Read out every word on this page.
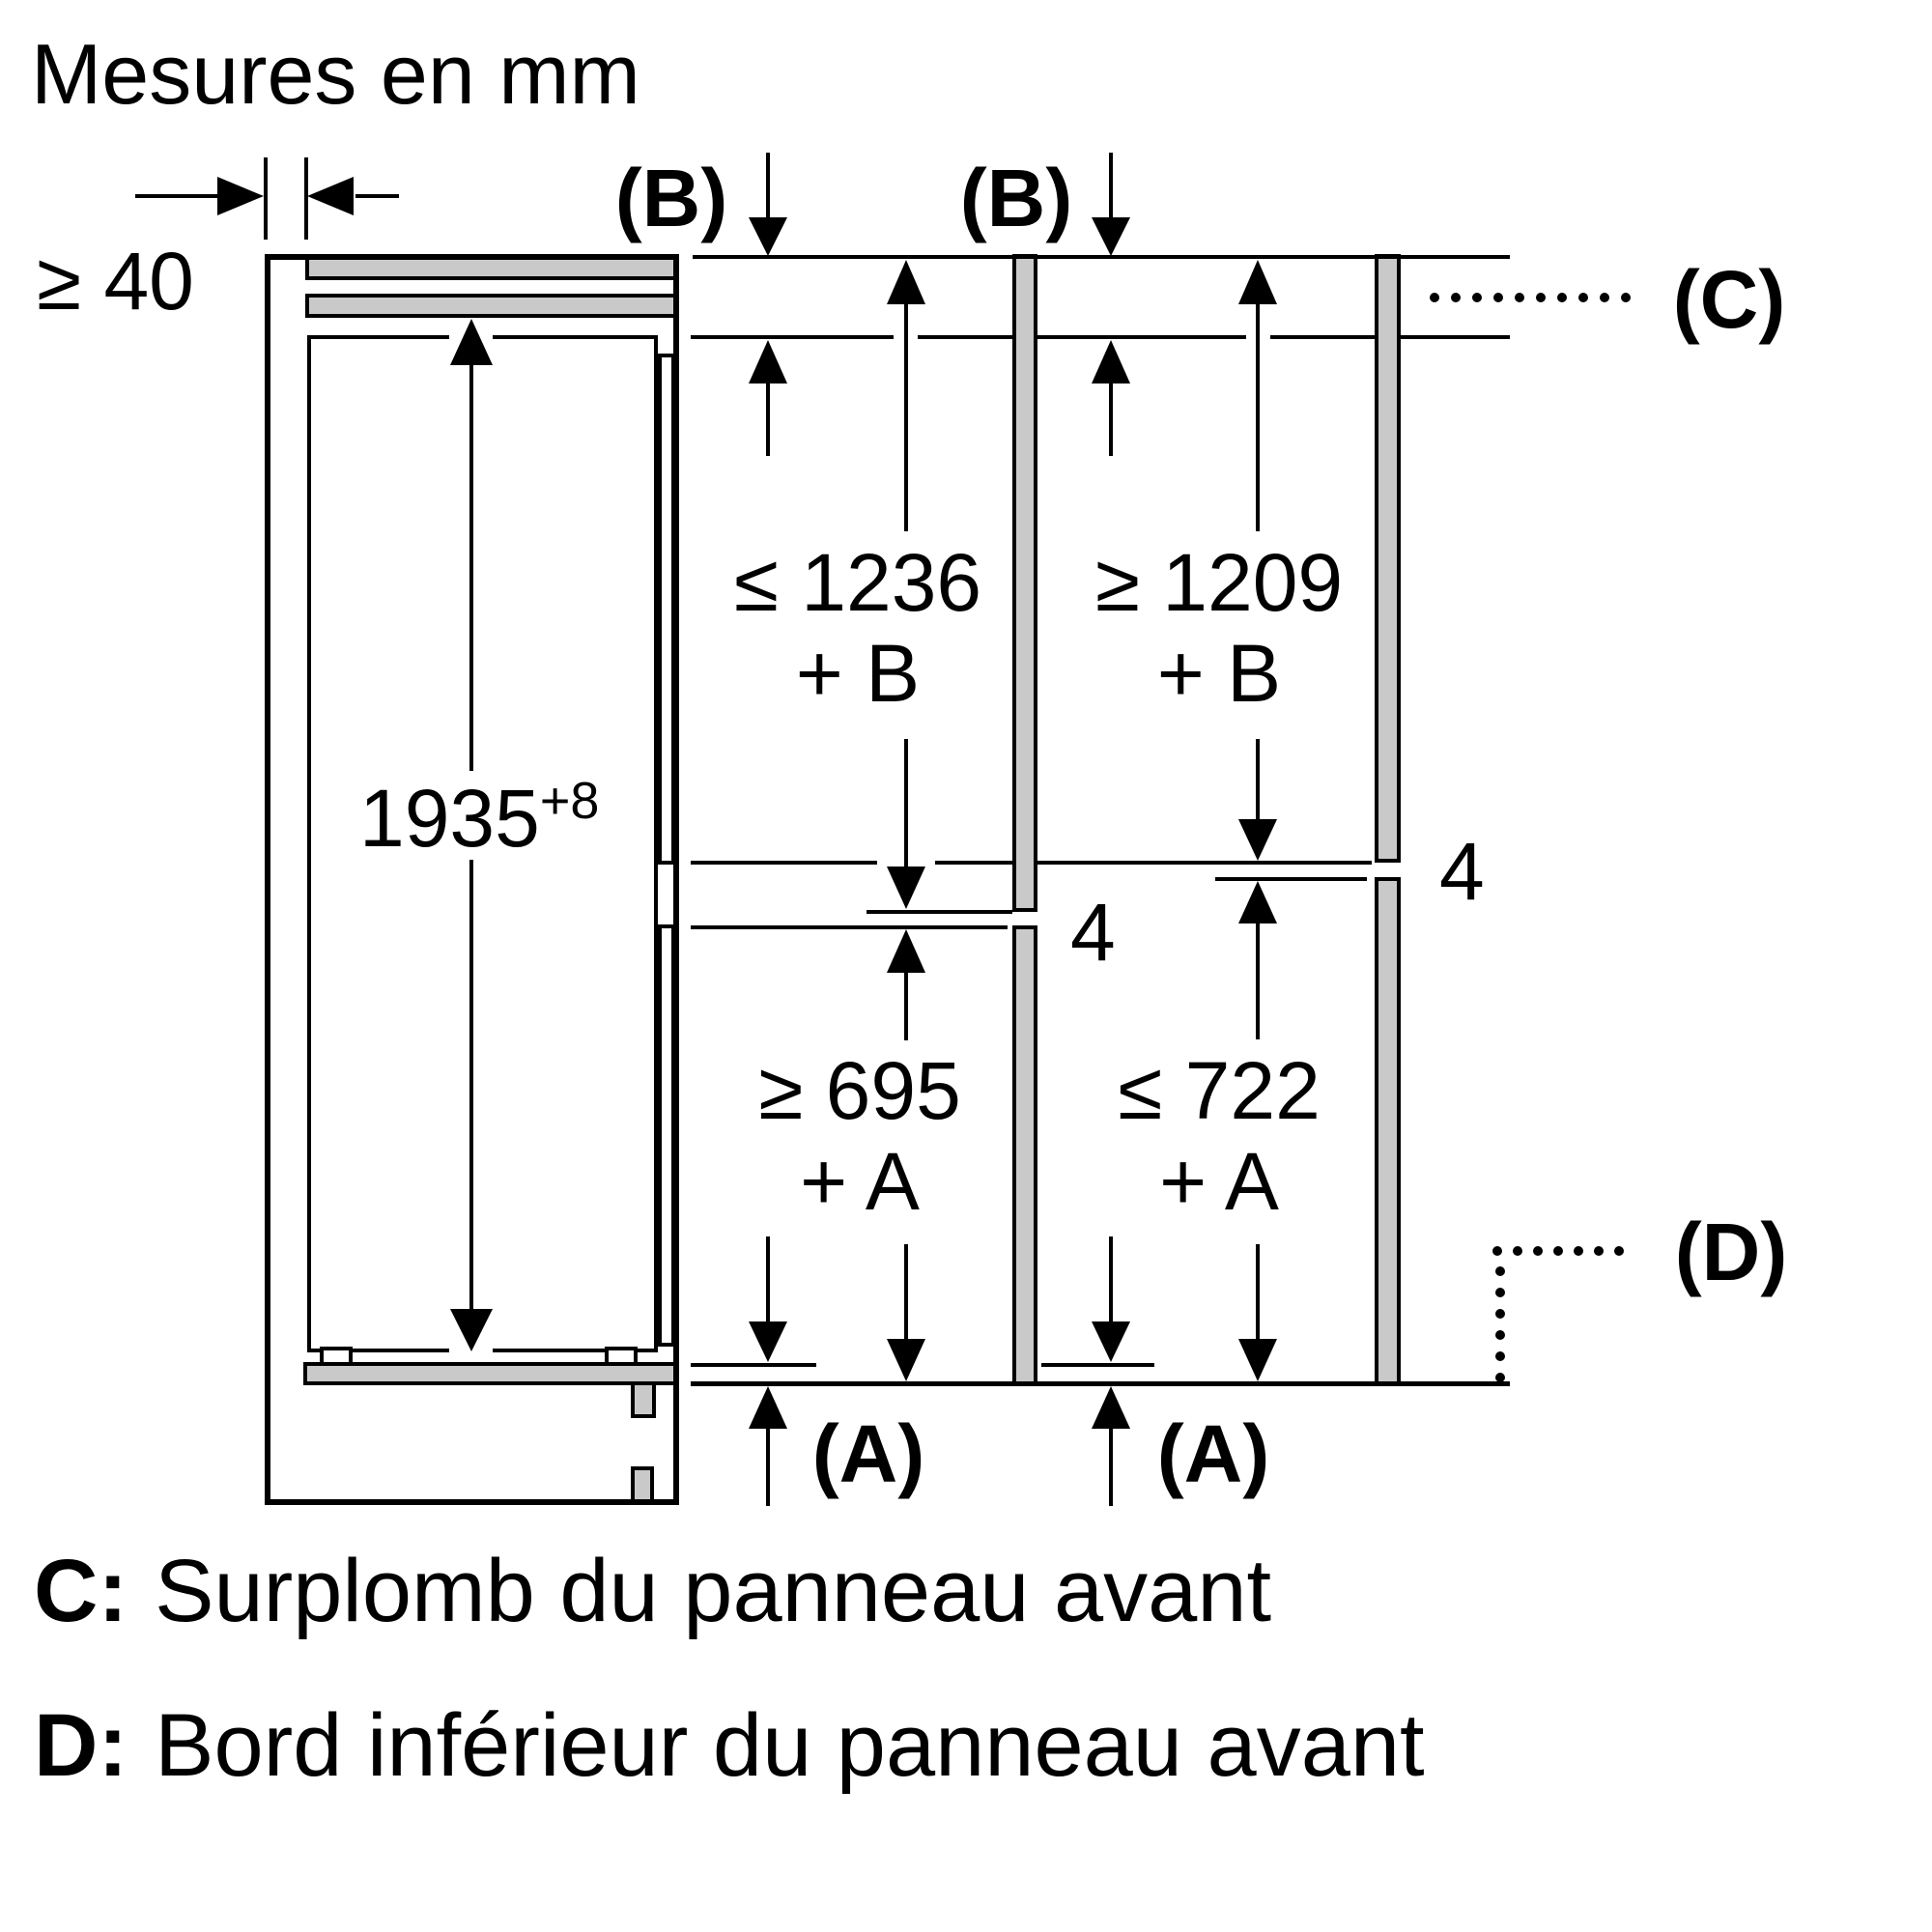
Mesures en mm
≥ 40
(B)	(B)
(C)
(D)
≤ 1236
+ B
≥ 1209
+ B
≥ 695
+ A
≤ 722
+ A
4
4
$1935^{+8}$
(A)	(A)
C: Surplomb du panneau avant
D: Bord inférieur du panneau avant
